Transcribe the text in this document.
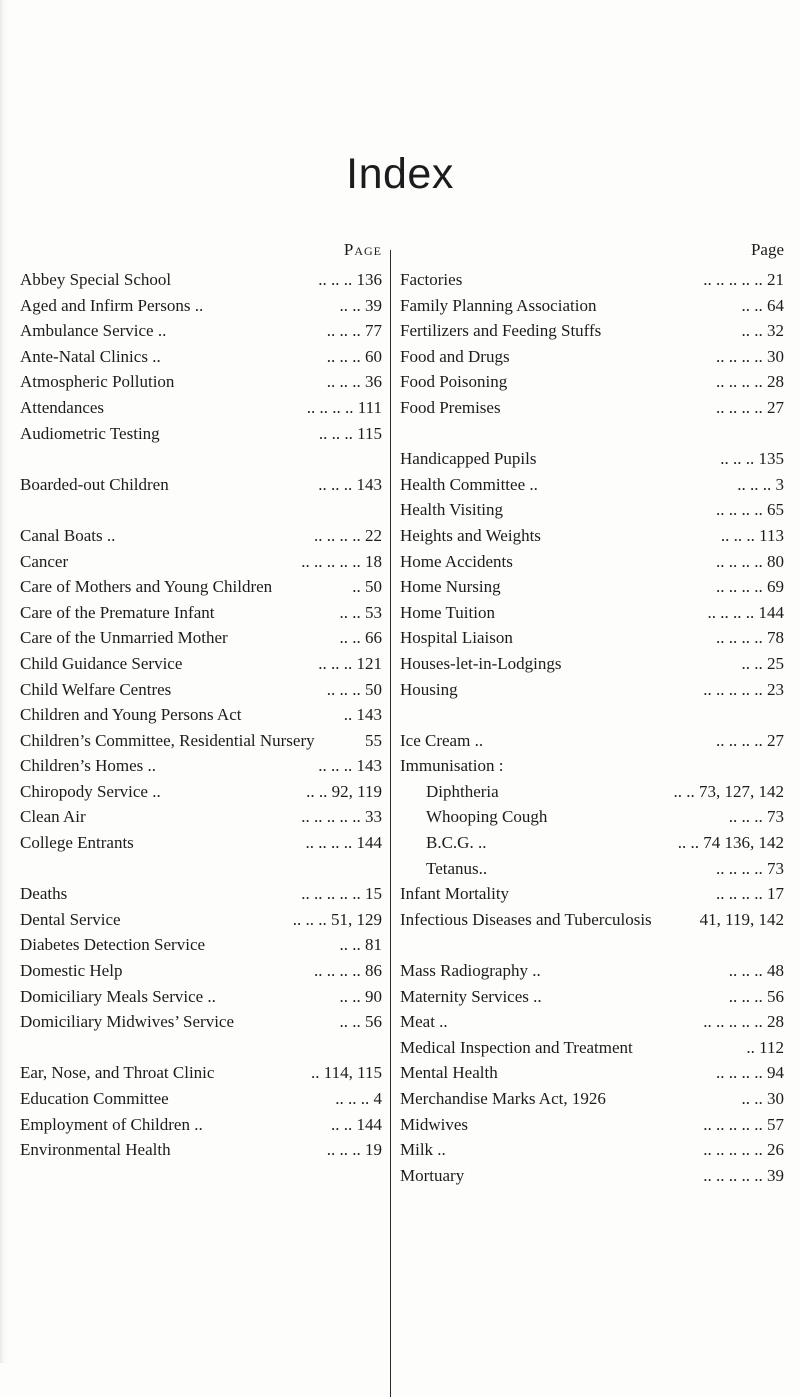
Index
Page
Abbey Special School	.. .. .. 136
Aged and Infirm Persons ..	.. .. 39
Ambulance Service ..	.. .. .. 77
Ante-Natal Clinics ..	.. .. .. 60
Atmospheric Pollution	.. .. .. 36
Attendances	.. .. .. .. 111
Audiometric Testing	.. .. .. 115
Boarded-out Children	.. .. .. 143
Canal Boats ..	.. .. .. .. 22
Cancer	.. .. .. .. .. 18
Care of Mothers and Young Children	.. 50
Care of the Premature Infant	.. .. 53
Care of the Unmarried Mother	.. .. 66
Child Guidance Service	.. .. .. 121
Child Welfare Centres	.. .. .. 50
Children and Young Persons Act	.. 143
Children’s Committee, Residential Nursery	55
Children’s Homes ..	.. .. .. 143
Chiropody Service ..	.. .. 92, 119
Clean Air	.. .. .. .. .. 33
College Entrants	.. .. .. .. 144
Deaths	.. .. .. .. .. 15
Dental Service	.. .. .. 51, 129
Diabetes Detection Service	.. .. 81
Domestic Help	.. .. .. .. 86
Domiciliary Meals Service ..	.. .. 90
Domiciliary Midwives’ Service	.. .. 56
Ear, Nose, and Throat Clinic	.. 114, 115
Education Committee	.. .. .. 4
Employment of Children ..	.. .. 144
Environmental Health	.. .. .. 19
Page
Factories	.. .. .. .. .. 21
Family Planning Association	.. .. 64
Fertilizers and Feeding Stuffs	.. .. 32
Food and Drugs	.. .. .. .. 30
Food Poisoning	.. .. .. .. 28
Food Premises	.. .. .. .. 27
Handicapped Pupils	.. .. .. 135
Health Committee ..	.. .. .. 3
Health Visiting	.. .. .. .. 65
Heights and Weights	.. .. .. 113
Home Accidents	.. .. .. .. 80
Home Nursing	.. .. .. .. 69
Home Tuition	.. .. .. .. 144
Hospital Liaison	.. .. .. .. 78
Houses-let-in-Lodgings	.. .. 25
Housing	.. .. .. .. .. 23
Ice Cream ..	.. .. .. .. 27
Immunisation :
Diphtheria	.. .. 73, 127, 142
Whooping Cough	.. .. .. 73
B.C.G. ..	.. .. 74 136, 142
Tetanus..	.. .. .. .. 73
Infant Mortality	.. .. .. .. 17
Infectious Diseases and Tuberculosis	41, 119, 142
Mass Radiography ..	.. .. .. 48
Maternity Services ..	.. .. .. 56
Meat ..	.. .. .. .. .. 28
Medical Inspection and Treatment	.. 112
Mental Health	.. .. .. .. 94
Merchandise Marks Act, 1926	.. .. 30
Midwives	.. .. .. .. .. 57
Milk ..	.. .. .. .. .. 26
Mortuary	.. .. .. .. .. 39
